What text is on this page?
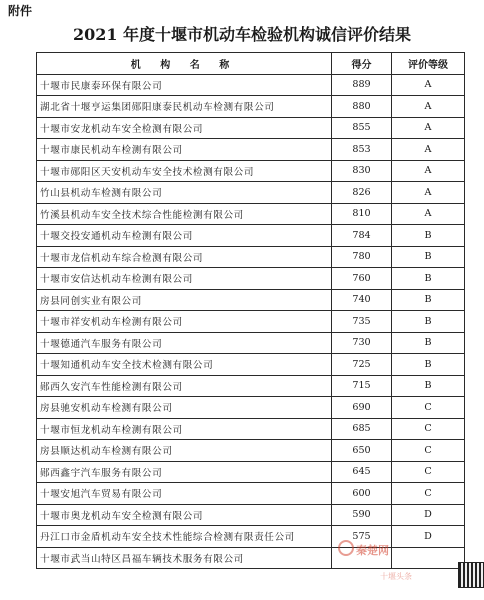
附件
2021 年度十堰市机动车检验机构诚信评价结果
机 构 名 称	得分	评价等级
十堰市民康泰环保有限公司	889	A
湖北省十堰亨运集团郧阳康泰民机动车检测有限公司	880	A
十堰市安龙机动车安全检测有限公司	855	A
十堰市康民机动车检测有限公司	853	A
十堰市郧阳区天安机动车安全技术检测有限公司	830	A
竹山县机动车检测有限公司	826	A
竹溪县机动车安全技术综合性能检测有限公司	810	A
十堰交投安通机动车检测有限公司	784	B
十堰市龙信机动车综合检测有限公司	780	B
十堰市安信达机动车检测有限公司	760	B
房县同创实业有限公司	740	B
十堰市祥安机动车检测有限公司	735	B
十堰德通汽车服务有限公司	730	B
十堰知通机动车安全技术检测有限公司	725	B
郧西久安汽车性能检测有限公司	715	B
房县驰安机动车检测有限公司	690	C
十堰市恒龙机动车检测有限公司	685	C
房县顺达机动车检测有限公司	650	C
郧西鑫宇汽车服务有限公司	645	C
十堰安旭汽车贸易有限公司	600	C
十堰市奥龙机动车安全检测有限公司	590	D
丹江口市金盾机动车安全技术性能综合检测有限责任公司	575	D
十堰市武当山特区昌福车辆技术服务有限公司		
秦楚网
十堰头条
